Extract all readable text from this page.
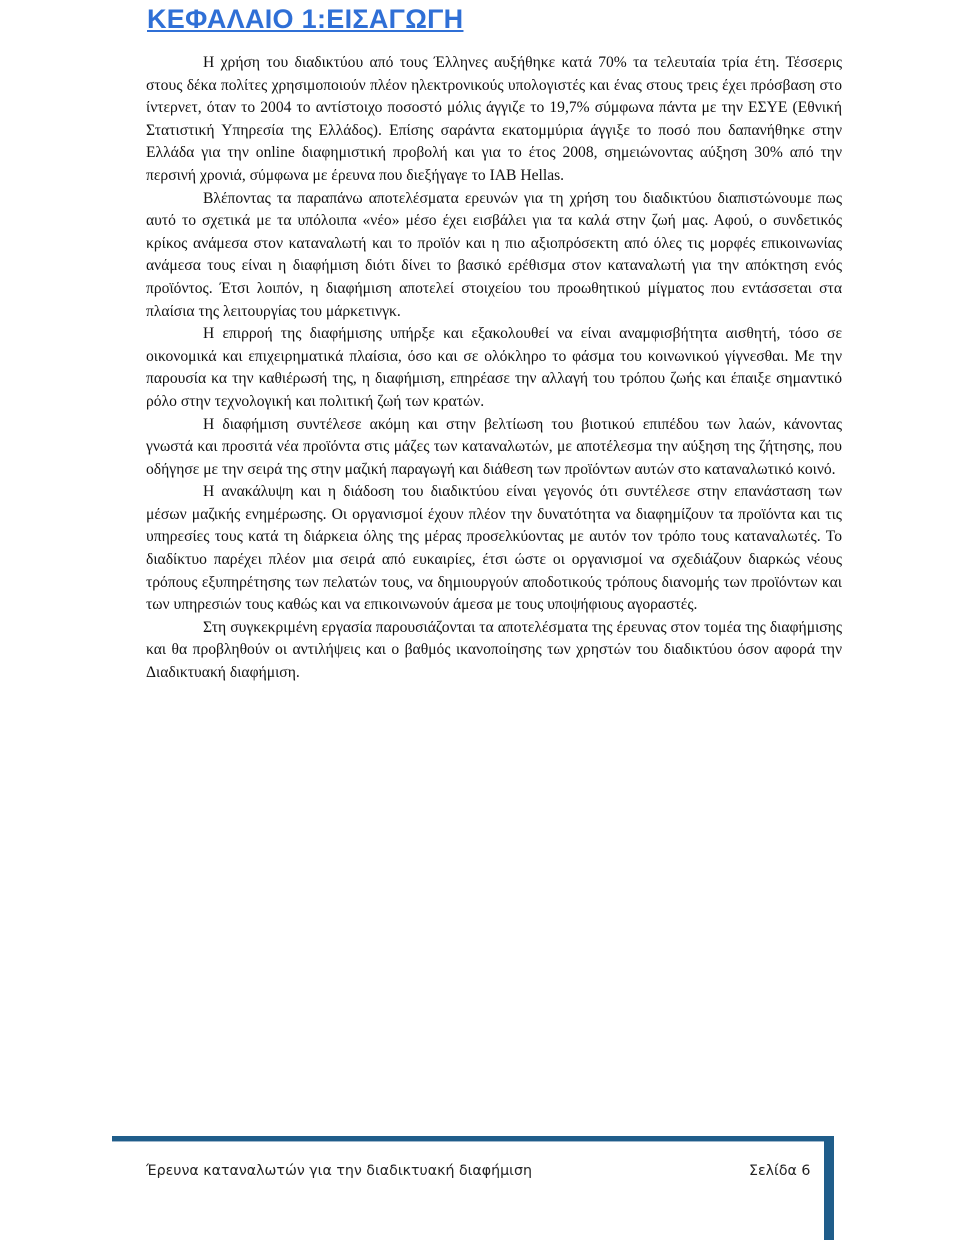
ΚΕΦΑΛΑΙΟ 1:ΕΙΣΑΓΩΓΗ

Η χρήση του διαδικτύου από τους Έλληνες αυξήθηκε κατά 70% τα τελευταία τρία έτη. Τέσσερις στους δέκα πολίτες χρησιμοποιούν πλέον ηλεκτρονικούς υπολογιστές και ένας στους τρεις έχει πρόσβαση στο ίντερνετ, όταν το 2004 το αντίστοιχο ποσοστό μόλις άγγιζε το 19,7% σύμφωνα πάντα με την ΕΣΥΕ (Εθνική Στατιστική Υπηρεσία της Ελλάδος). Επίσης σαράντα εκατομμύρια άγγιξε το ποσό που δαπανήθηκε στην Ελλάδα για την online διαφημιστική προβολή και για το έτος 2008, σημειώνοντας αύξηση 30% από την περσινή χρονιά, σύμφωνα με έρευνα που διεξήγαγε το IAB Hellas.

Βλέποντας τα παραπάνω αποτελέσματα ερευνών για τη χρήση του διαδικτύου διαπιστώνουμε πως αυτό το σχετικά με τα υπόλοιπα «νέο» μέσο έχει εισβάλει για τα καλά στην ζωή μας. Αφού, ο συνδετικός κρίκος ανάμεσα στον καταναλωτή και το προϊόν και η πιο αξιοπρόσεκτη από όλες τις μορφές επικοινωνίας ανάμεσα τους είναι η διαφήμιση διότι δίνει το βασικό ερέθισμα στον καταναλωτή για την απόκτηση ενός προϊόντος. Έτσι λοιπόν, η διαφήμιση αποτελεί στοιχείου του προωθητικού μίγματος που εντάσσεται στα πλαίσια της λειτουργίας του μάρκετινγκ.

Η επιρροή της διαφήμισης υπήρξε και εξακολουθεί να είναι αναμφισβήτητα αισθητή, τόσο σε οικονομικά και επιχειρηματικά πλαίσια, όσο και σε ολόκληρο το φάσμα του κοινωνικού γίγνεσθαι. Με την παρουσία κα την καθιέρωσή της, η διαφήμιση, επηρέασε την αλλαγή του τρόπου ζωής και έπαιξε σημαντικό ρόλο στην τεχνολογική και πολιτική ζωή των κρατών.

Η διαφήμιση συντέλεσε ακόμη και στην βελτίωση του βιοτικού επιπέδου των λαών, κάνοντας γνωστά και προσιτά νέα προϊόντα στις μάζες των καταναλωτών, με αποτέλεσμα την αύξηση της ζήτησης, που οδήγησε με την σειρά της στην μαζική παραγωγή και διάθεση των προϊόντων αυτών στο καταναλωτικό κοινό.

Η ανακάλυψη και η διάδοση του διαδικτύου είναι γεγονός ότι συντέλεσε στην επανάσταση των μέσων μαζικής ενημέρωσης. Οι οργανισμοί έχουν πλέον την δυνατότητα να διαφημίζουν τα προϊόντα και τις υπηρεσίες τους κατά τη διάρκεια όλης της μέρας προσελκύοντας με αυτόν τον τρόπο τους καταναλωτές. Το διαδίκτυο παρέχει πλέον μια σειρά από ευκαιρίες, έτσι ώστε οι οργανισμοί να σχεδιάζουν διαρκώς νέους τρόπους εξυπηρέτησης των πελατών τους, να δημιουργούν αποδοτικούς τρόπους διανομής των προϊόντων και των υπηρεσιών τους καθώς και να επικοινωνούν άμεσα με τους υποψήφιους αγοραστές.

Στη συγκεκριμένη εργασία παρουσιάζονται τα αποτελέσματα της έρευνας στον τομέα της διαφήμισης και θα προβληθούν οι αντιλήψεις και ο βαθμός ικανοποίησης των χρηστών του διαδικτύου όσον αφορά την Διαδικτυακή διαφήμιση.

Έρευνα καταναλωτών για την διαδικτυακή διαφήμιση	Σελίδα 6
